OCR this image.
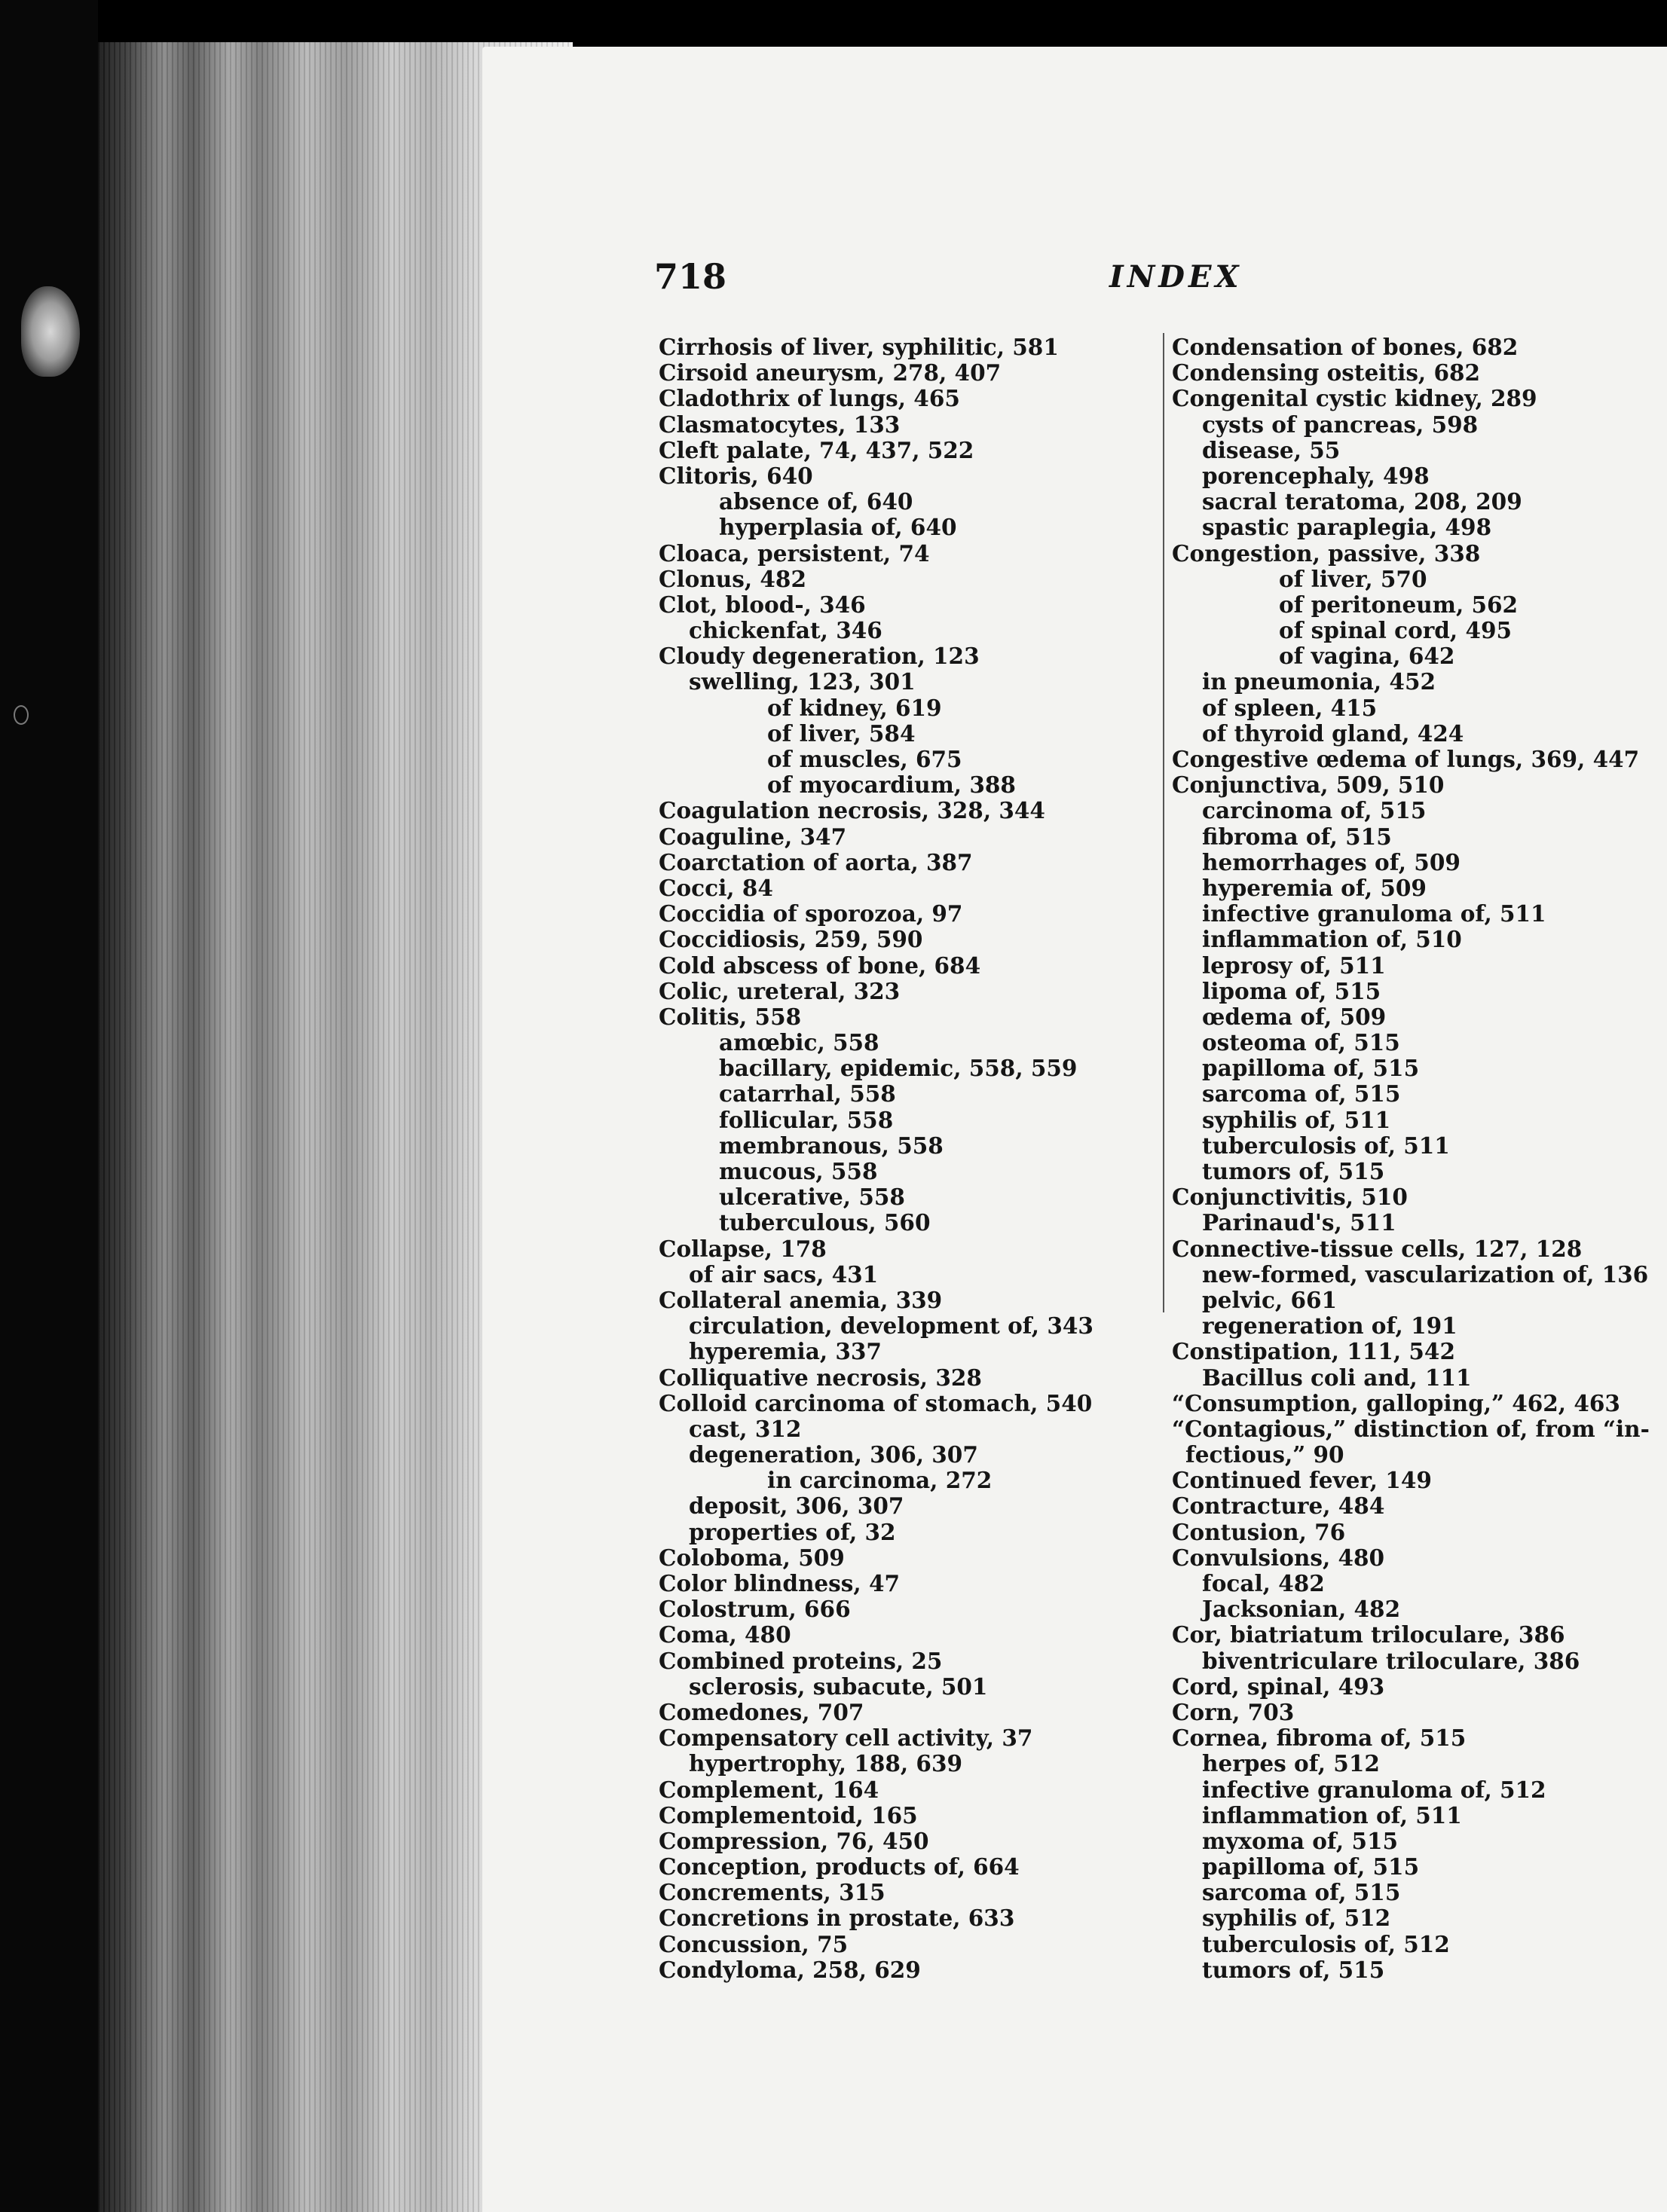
718	INDEX
Cirrhosis of liver, syphilitic, 581
Cirsoid aneurysm, 278, 407
Cladothrix of lungs, 465
Clasmatocytes, 133
Cleft palate, 74, 437, 522
Clitoris, 640
absence of, 640
hyperplasia of, 640
Cloaca, persistent, 74
Clonus, 482
Clot, blood-, 346
chickenfat, 346
Cloudy degeneration, 123
swelling, 123, 301
of kidney, 619
of liver, 584
of muscles, 675
of myocardium, 388
Coagulation necrosis, 328, 344
Coaguline, 347
Coarctation of aorta, 387
Cocci, 84
Coccidia of sporozoa, 97
Coccidiosis, 259, 590
Cold abscess of bone, 684
Colic, ureteral, 323
Colitis, 558
amœbic, 558
bacillary, epidemic, 558, 559
catarrhal, 558
follicular, 558
membranous, 558
mucous, 558
ulcerative, 558
tuberculous, 560
Collapse, 178
of air sacs, 431
Collateral anemia, 339
circulation, development of, 343
hyperemia, 337
Colliquative necrosis, 328
Colloid carcinoma of stomach, 540
cast, 312
degeneration, 306, 307
in carcinoma, 272
deposit, 306, 307
properties of, 32
Coloboma, 509
Color blindness, 47
Colostrum, 666
Coma, 480
Combined proteins, 25
sclerosis, subacute, 501
Comedones, 707
Compensatory cell activity, 37
hypertrophy, 188, 639
Complement, 164
Complementoid, 165
Compression, 76, 450
Conception, products of, 664
Concrements, 315
Concretions in prostate, 633
Concussion, 75
Condyloma, 258, 629
Condensation of bones, 682
Condensing osteitis, 682
Congenital cystic kidney, 289
cysts of pancreas, 598
disease, 55
porencephaly, 498
sacral teratoma, 208, 209
spastic paraplegia, 498
Congestion, passive, 338
of liver, 570
of peritoneum, 562
of spinal cord, 495
of vagina, 642
in pneumonia, 452
of spleen, 415
of thyroid gland, 424
Congestive œdema of lungs, 369, 447
Conjunctiva, 509, 510
carcinoma of, 515
fibroma of, 515
hemorrhages of, 509
hyperemia of, 509
infective granuloma of, 511
inflammation of, 510
leprosy of, 511
lipoma of, 515
œdema of, 509
osteoma of, 515
papilloma of, 515
sarcoma of, 515
syphilis of, 511
tuberculosis of, 511
tumors of, 515
Conjunctivitis, 510
Parinaud's, 511
Connective-tissue cells, 127, 128
new-formed, vascularization of, 136
pelvic, 661
regeneration of, 191
Constipation, 111, 542
Bacillus coli and, 111
“Consumption, galloping,” 462, 463
“Contagious,” distinction of, from “in-
fectious,” 90
Continued fever, 149
Contracture, 484
Contusion, 76
Convulsions, 480
focal, 482
Jacksonian, 482
Cor, biatriatum triloculare, 386
biventriculare triloculare, 386
Cord, spinal, 493
Corn, 703
Cornea, fibroma of, 515
herpes of, 512
infective granuloma of, 512
inflammation of, 511
myxoma of, 515
papilloma of, 515
sarcoma of, 515
syphilis of, 512
tuberculosis of, 512
tumors of, 515
